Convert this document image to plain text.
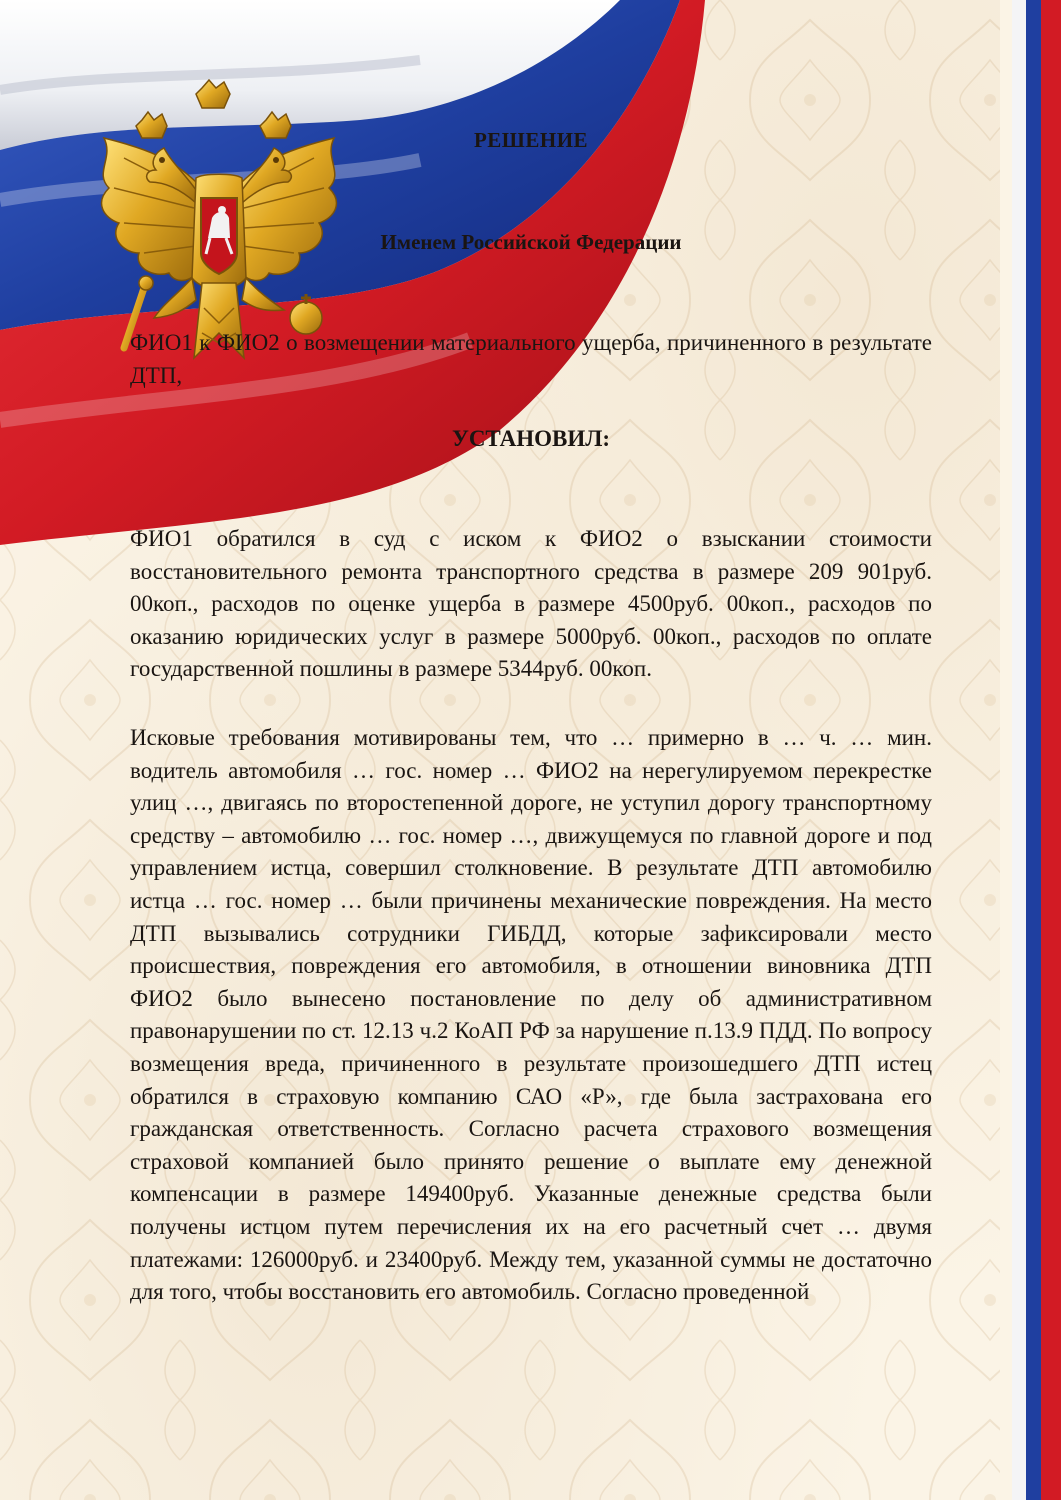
РЕШЕНИЕ
Именем Российской Федерации

ФИО1 к ФИО2 о возмещении материального ущерба, причиненного в результате ДТП,

УСТАНОВИЛ:

ФИО1 обратился в суд с иском к ФИО2 о взыскании стоимости восстановительного ремонта транспортного средства в размере 209 901руб. 00коп., расходов по оценке ущерба в размере 4500руб. 00коп., расходов по оказанию юридических услуг в размере 5000руб. 00коп., расходов по оплате государственной пошлины в размере 5344руб. 00коп.

Исковые требования мотивированы тем, что … примерно в … ч. … мин. водитель автомобиля … гос. номер … ФИО2 на нерегулируемом перекрестке улиц …, двигаясь по второстепенной дороге, не уступил дорогу транспортному средству – автомобилю … гос. номер …, движущемуся по главной дороге и под управлением истца, совершил столкновение. В результате ДТП автомобилю истца … гос. номер … были причинены механические повреждения. На место ДТП вызывались сотрудники ГИБДД, которые зафиксировали место происшествия, повреждения его автомобиля, в отношении виновника ДТП ФИО2 было вынесено постановление по делу об административном правонарушении по ст. 12.13 ч.2 КоАП РФ за нарушение п.13.9 ПДД. По вопросу возмещения вреда, причиненного в результате произошедшего ДТП истец обратился в страховую компанию САО «Р», где была застрахована его гражданская ответственность. Согласно расчета страхового возмещения страховой компанией было принято решение о выплате ему денежной компенсации в размере 149400руб. Указанные денежные средства были получены истцом путем перечисления их на его расчетный счет … двумя платежами: 126000руб. и 23400руб. Между тем, указанной суммы не достаточно для того, чтобы восстановить его автомобиль. Согласно проведенной
